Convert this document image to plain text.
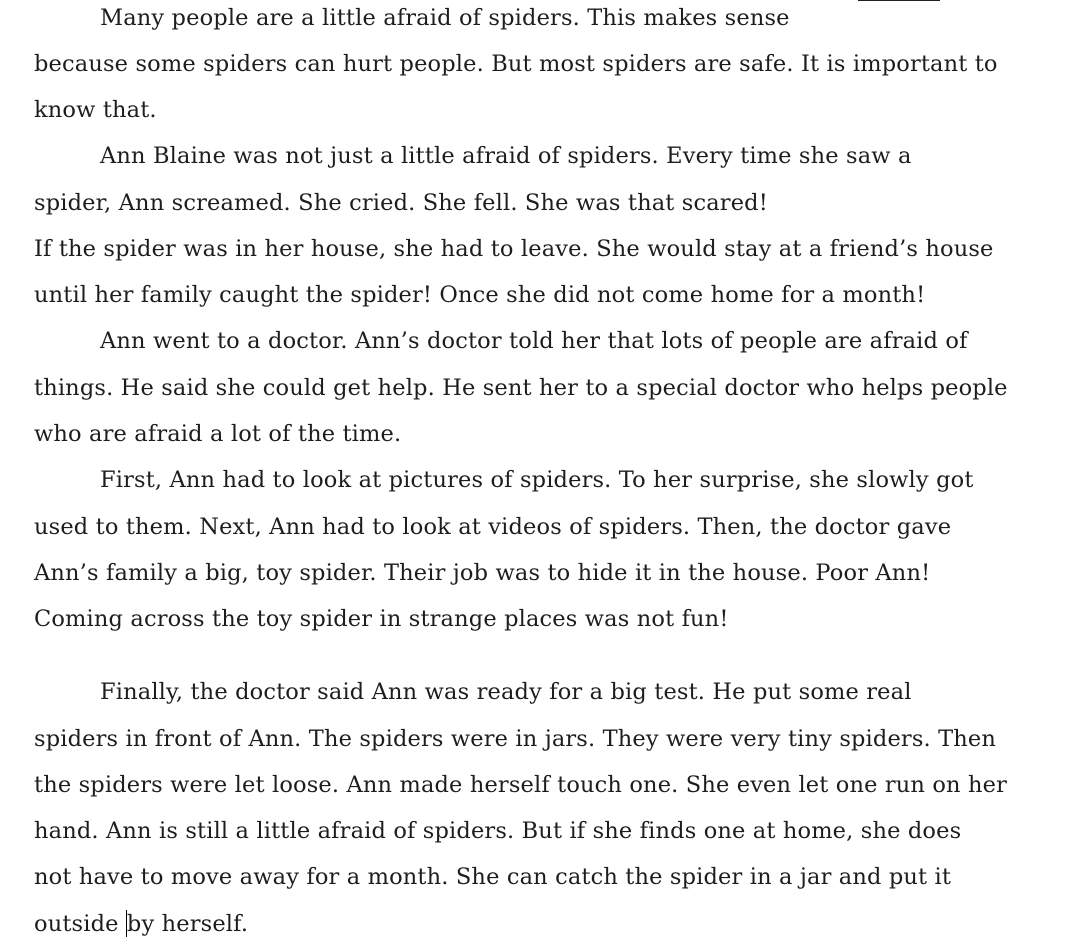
Many people are a little afraid of spiders. This makes sense
because some spiders can hurt people. But most spiders are safe. It is important to
know that.
Ann Blaine was not just a little afraid of spiders. Every time she saw a
spider, Ann screamed. She cried. She fell. She was that scared!
If the spider was in her house, she had to leave. She would stay at a friend’s house
until her family caught the spider! Once she did not come home for a month!
Ann went to a doctor. Ann’s doctor told her that lots of people are afraid of
things. He said she could get help. He sent her to a special doctor who helps people
who are afraid a lot of the time.
First, Ann had to look at pictures of spiders. To her surprise, she slowly got
used to them. Next, Ann had to look at videos of spiders. Then, the doctor gave
Ann’s family a big, toy spider. Their job was to hide it in the house. Poor Ann!
Coming across the toy spider in strange places was not fun!
Finally, the doctor said Ann was ready for a big test. He put some real
spiders in front of Ann. The spiders were in jars. They were very tiny spiders. Then
the spiders were let loose. Ann made herself touch one. She even let one run on her
hand. Ann is still a little afraid of spiders. But if she finds one at home, she does
not have to move away for a month. She can catch the spider in a jar and put it
outside by herself.
